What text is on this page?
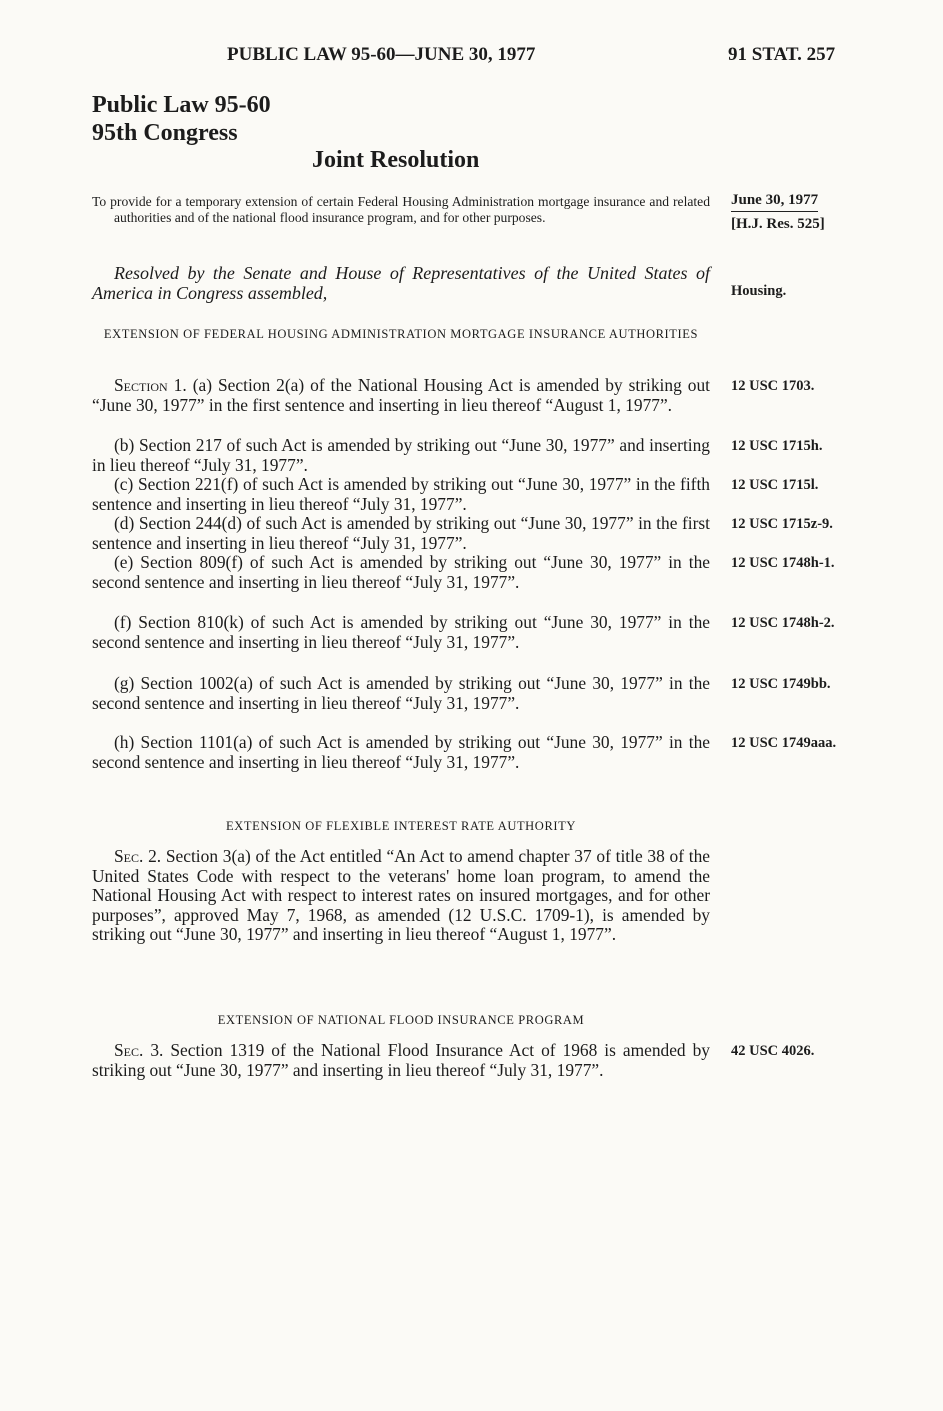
PUBLIC LAW 95-60—JUNE 30, 1977	91 STAT. 257
Public Law 95-60
95th Congress
Joint Resolution
To provide for a temporary extension of certain Federal Housing Administration mortgage insurance and related authorities and of the national flood insurance program, and for other purposes.
June 30, 1977
[H.J. Res. 525]

Resolved by the Senate and House of Representatives of the United States of America in Congress assembled,	Housing.
EXTENSION OF FEDERAL HOUSING ADMINISTRATION MORTGAGE INSURANCE AUTHORITIES
EXTENSION OF FLEXIBLE INTEREST RATE AUTHORITY
EXTENSION OF NATIONAL FLOOD INSURANCE PROGRAM

Section 1. (a) Section 2(a) of the National Housing Act is amended by striking out “June 30, 1977” in the first sentence and inserting in lieu thereof “August 1, 1977”.

12 USC 1703.

(b) Section 217 of such Act is amended by striking out “June 30, 1977” and inserting in lieu thereof “July 31, 1977”.

12 USC 1715h.

(c) Section 221(f) of such Act is amended by striking out “June 30, 1977” in the fifth sentence and inserting in lieu thereof “July 31, 1977”.

12 USC 1715l.

(d) Section 244(d) of such Act is amended by striking out “June 30, 1977” in the first sentence and inserting in lieu thereof “July 31, 1977”.

12 USC 1715z-9.

(e) Section 809(f) of such Act is amended by striking out “June 30, 1977” in the second sentence and inserting in lieu thereof “July 31, 1977”.

12 USC 1748h-1.

(f) Section 810(k) of such Act is amended by striking out “June 30, 1977” in the second sentence and inserting in lieu thereof “July 31, 1977”.

12 USC 1748h-2.

(g) Section 1002(a) of such Act is amended by striking out “June 30, 1977” in the second sentence and inserting in lieu thereof “July 31, 1977”.

12 USC 1749bb.

(h) Section 1101(a) of such Act is amended by striking out “June 30, 1977” in the second sentence and inserting in lieu thereof “July 31, 1977”.

12 USC 1749aaa.

Sec. 2. Section 3(a) of the Act entitled “An Act to amend chapter 37 of title 38 of the United States Code with respect to the veterans' home loan program, to amend the National Housing Act with respect to interest rates on insured mortgages, and for other purposes”, approved May 7, 1968, as amended (12 U.S.C. 1709-1), is amended by striking out “June 30, 1977” and inserting in lieu thereof “August 1, 1977”.

Sec. 3. Section 1319 of the National Flood Insurance Act of 1968 is amended by striking out “June 30, 1977” and inserting in lieu thereof “July 31, 1977”.

42 USC 4026.
